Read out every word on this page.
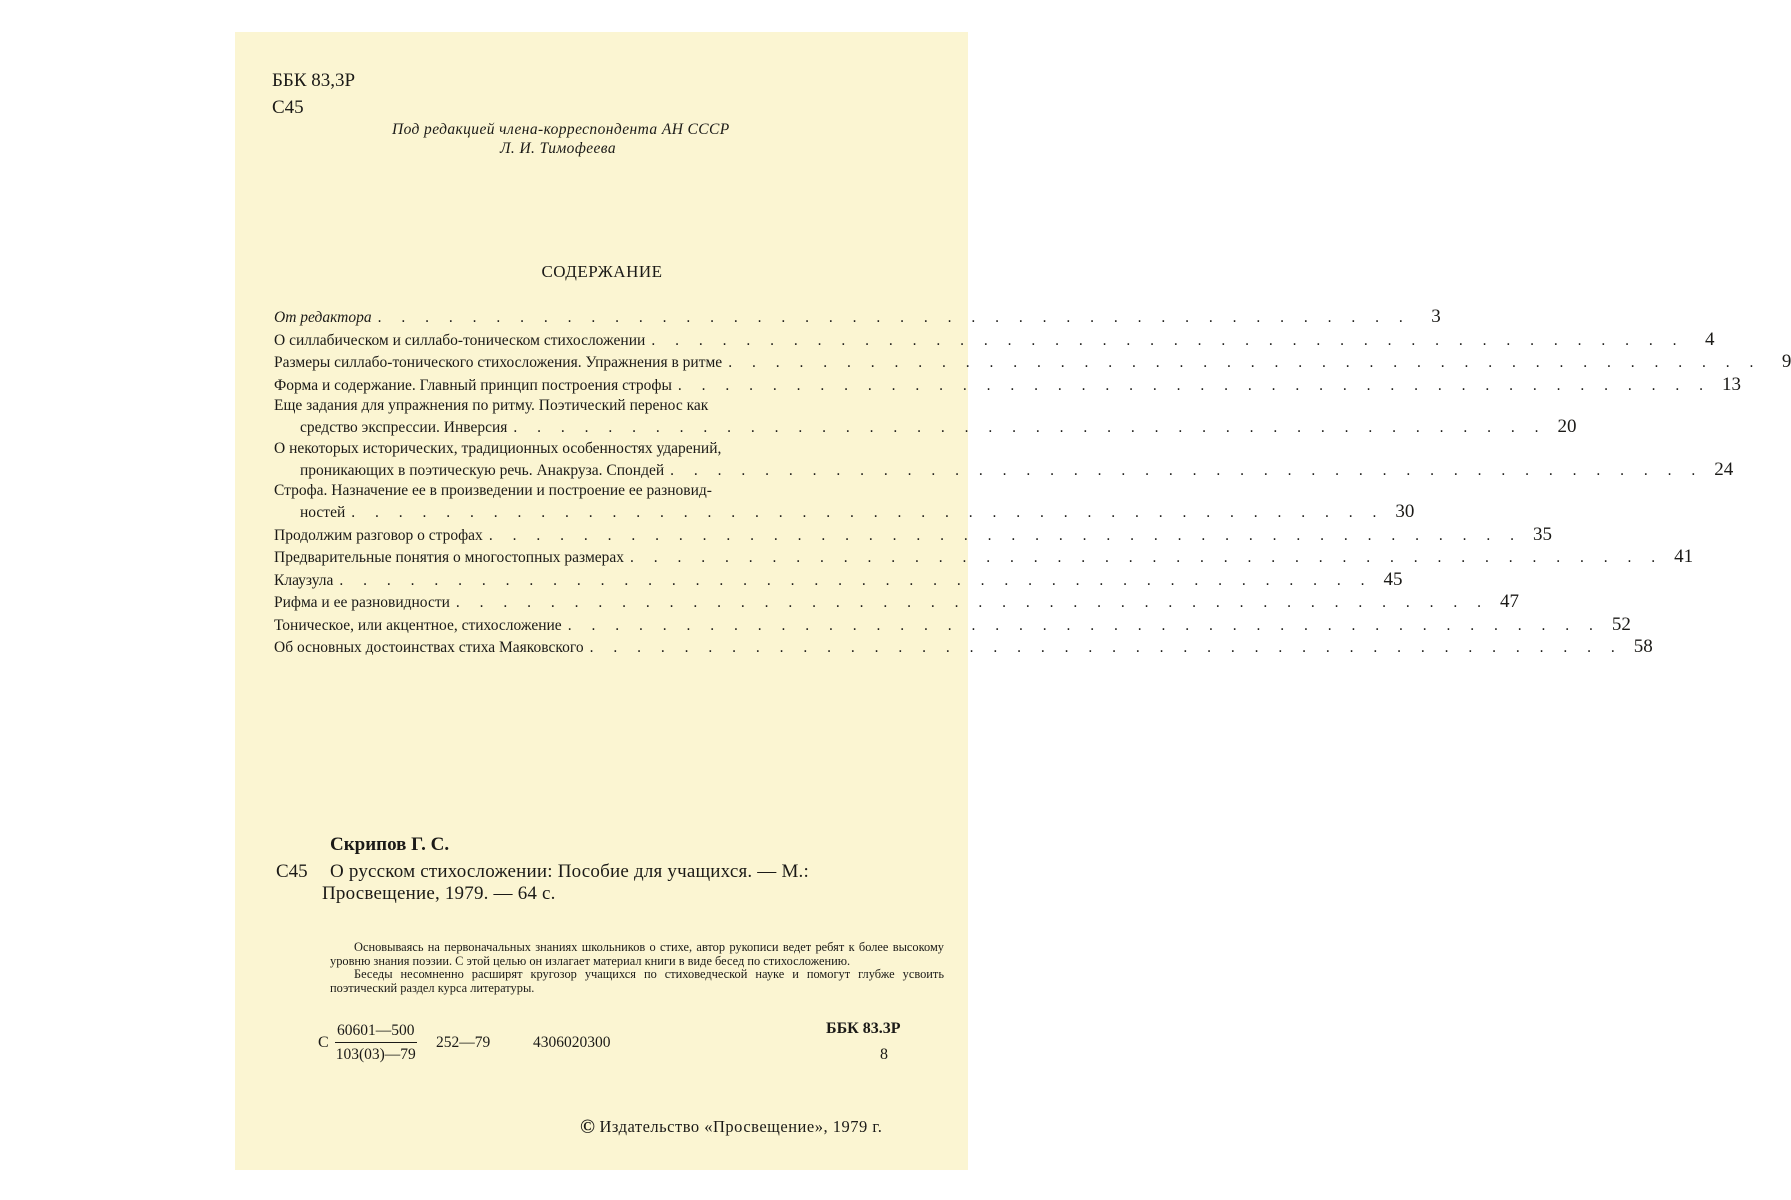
ББК 83,3Р
С45
Под редакцией члена-корреспондента АН СССР
Л. И. Тимофеева
СОДЕРЖАНИЕ
От редактора . . . . . . . . . . . . . . . . . . . . . . . . . . . . . . . . . . . . . . . . . . . .	3
О силлабическом и силлабо-тоническом стихосложении . . . . . . . . . . . . . . . . . . . . . . . . . . . . . . . . . . . . . . . . . . . .	4
Размеры силлабо-тонического стихосложения. Упражнения в ритме . . . . . . . . . . . . . . . . . . . . . . . . . . . . . . . . . . . . . . . . . . . .	9
Форма и содержание. Главный принцип построения строфы . . . . . . . . . . . . . . . . . . . . . . . . . . . . . . . . . . . . . . . . . . . . 13
Еще задания для упражнения по ритму. Поэтический перенос как
средство экспрессии. Инверсия . . . . . . . . . . . . . . . . . . . . . . . . . . . . . . . . . . . . . . . . . . . . 20
О некоторых исторических, традиционных особенностях ударений,
проникающих в поэтическую речь. Анакруза. Спондей . . . . . . . . . . . . . . . . . . . . . . . . . . . . . . . . . . . . . . . . . . . . 24
Строфа. Назначение ее в произведении и построение ее разновид-
ностей . . . . . . . . . . . . . . . . . . . . . . . . . . . . . . . . . . . . . . . . . . . . 30
Продолжим разговор о строфах . . . . . . . . . . . . . . . . . . . . . . . . . . . . . . . . . . . . . . . . . . . . 35
Предварительные понятия о многостопных размерах . . . . . . . . . . . . . . . . . . . . . . . . . . . . . . . . . . . . . . . . . . . . 41
Клаузула . . . . . . . . . . . . . . . . . . . . . . . . . . . . . . . . . . . . . . . . . . . . 45
Рифма и ее разновидности . . . . . . . . . . . . . . . . . . . . . . . . . . . . . . . . . . . . . . . . . . . . 47
Тоническое, или акцентное, стихосложение . . . . . . . . . . . . . . . . . . . . . . . . . . . . . . . . . . . . . . . . . . . . 52
Об основных достоинствах стиха Маяковского . . . . . . . . . . . . . . . . . . . . . . . . . . . . . . . . . . . . . . . . . . . . 58
Скрипов Г. С.
С45 О русском стихосложении: Пособие для учащихся. — М.:
Просвещение, 1979. — 64 с.

Основываясь на первоначальных знаниях школьников о стихе, автор рукописи ведет ребят к более высокому уровню знания поэзии. С этой целью он излагает материал книги в виде бесед по стихосложению.

Беседы несомненно расширят кругозор учащихся по стиховедческой науке и помогут глубже усвоить поэтический раздел курса литературы.

С $\frac{60601—500}{103(03)—79}$ 252—79	4306020300
ББК 83.3Р
8
© Издательство «Просвещение», 1979 г.
